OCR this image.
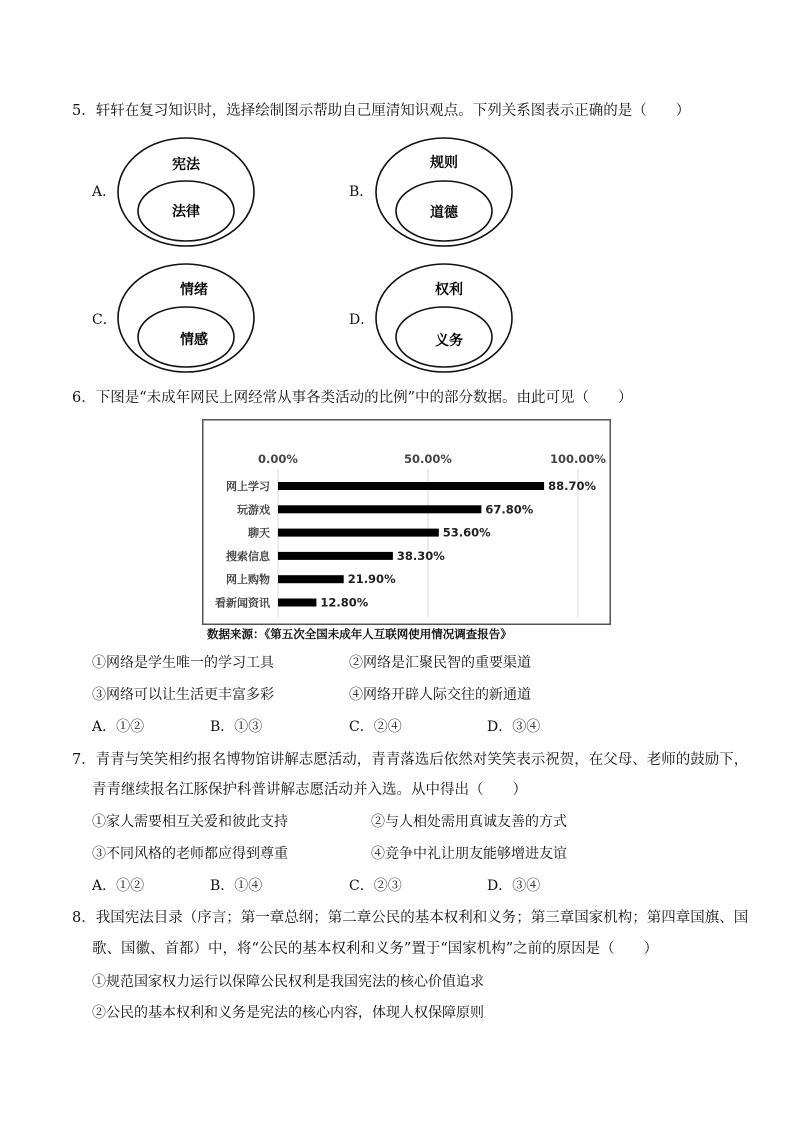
5．轩轩在复习知识时，选择绘制图示帮助自己厘清知识观点。下列关系图表示正确的是（　　）
A．
宪法
法律
B．
规则
道德
C．
情绪
情感
D．
权利
义务
6．下图是“未成年网民上网经常从事各类活动的比例”中的部分数据。由此可见（　　）
0.00%	50.00%	100.00%
网上学习	88.70%
玩游戏	67.80%
聊天	53.60%
搜索信息	38.30%
网上购物	21.90%
看新闻资讯	12.80%
数据来源：《第五次全国未成年人互联网使用情况调查报告》
①网络是学生唯一的学习工具	②网络是汇聚民智的重要渠道
③网络可以让生活更丰富多彩	④网络开辟人际交往的新通道
A．①②	B．①③	C．②④	D．③④
7．青青与笑笑相约报名博物馆讲解志愿活动，青青落选后依然对笑笑表示祝贺，在父母、老师的鼓励下，
青青继续报名江豚保护科普讲解志愿活动并入选。从中得出（　　）
①家人需要相互关爱和彼此支持	②与人相处需用真诚友善的方式
③不同风格的老师都应得到尊重	④竞争中礼让朋友能够增进友谊
A．①②	B．①④	C．②③	D．③④
8．我国宪法目录（序言；第一章总纲；第二章公民的基本权利和义务；第三章国家机构；第四章国旗、国
歌、国徽、首都）中，将“公民的基本权利和义务”置于“国家机构”之前的原因是（　　）
①规范国家权力运行以保障公民权利是我国宪法的核心价值追求
②公民的基本权利和义务是宪法的核心内容，体现人权保障原则
